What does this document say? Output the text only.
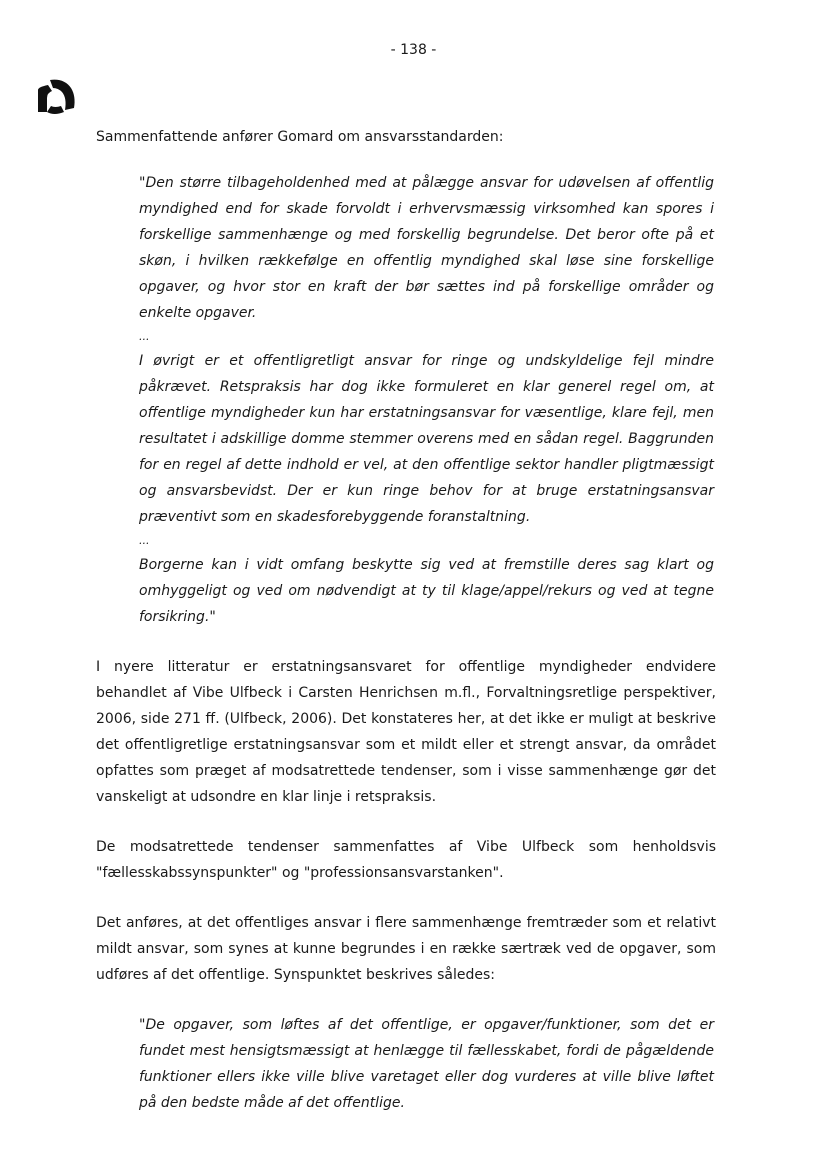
- 138 -

Sammenfattende anfører Gomard om ansvarsstandarden:

"Den større tilbageholdenhed med at pålægge ansvar for udøvelsen af offentlig myndighed end for skade forvoldt i erhvervsmæssig virksomhed kan spores i forskellige sammenhænge og med forskellig begrundelse. Det beror ofte på et skøn, i hvilken rækkefølge en offentlig myndighed skal løse sine forskellige opgaver, og hvor stor en kraft der bør sættes ind på forskellige områder og enkelte opgaver.

...

I øvrigt er et offentligretligt ansvar for ringe og undskyldelige fejl mindre påkrævet. Retspraksis har dog ikke formuleret en klar generel regel om, at offentlige myndigheder kun har erstatningsansvar for væsentlige, klare fejl, men resultatet i adskillige domme stemmer overens med en sådan regel. Baggrunden for en regel af dette indhold er vel, at den offentlige sektor handler pligtmæssigt og ansvarsbevidst. Der er kun ringe behov for at bruge erstatningsansvar præventivt som en skadesforebyggende foranstaltning.

...

Borgerne kan i vidt omfang beskytte sig ved at fremstille deres sag klart og omhyggeligt og ved om nødvendigt at ty til klage/appel/rekurs og ved at tegne forsikring."

I nyere litteratur er erstatningsansvaret for offentlige myndigheder endvidere behandlet af Vibe Ulfbeck i Carsten Henrichsen m.fl., Forvaltningsretlige perspektiver, 2006, side 271 ff. (Ulfbeck, 2006). Det konstateres her, at det ikke er muligt at beskrive det offentligretlige erstatningsansvar som et mildt eller et strengt ansvar, da området opfattes som præget af modsatrettede tendenser, som i visse sammenhænge gør det vanskeligt at udsondre en klar linje i retspraksis.

De modsatrettede tendenser sammenfattes af Vibe Ulfbeck som henholdsvis "fællesskabssynspunkter" og "professionsansvarstanken".

Det anføres, at det offentliges ansvar i flere sammenhænge fremtræder som et relativt mildt ansvar, som synes at kunne begrundes i en række særtræk ved de opgaver, som udføres af det offentlige. Synspunktet beskrives således:

"De opgaver, som løftes af det offentlige, er opgaver/funktioner, som det er fundet mest hensigtsmæssigt at henlægge til fællesskabet, fordi de pågældende funktioner ellers ikke ville blive varetaget eller dog vurderes at ville blive løftet på den bedste måde af det offentlige.
